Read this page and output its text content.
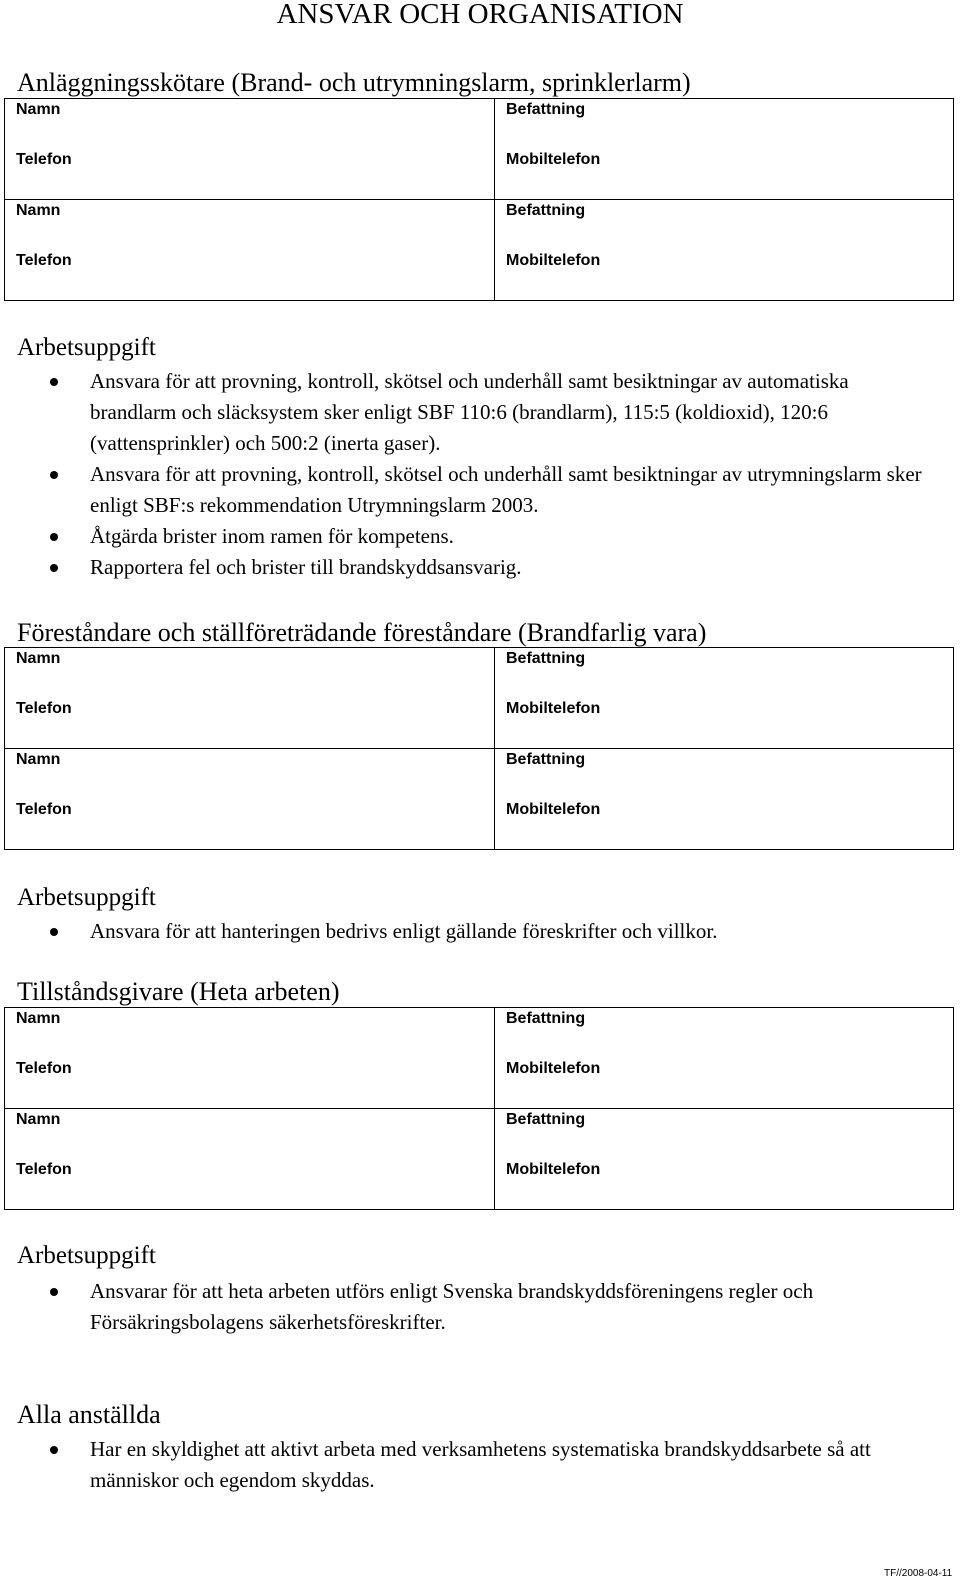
ANSVAR OCH ORGANISATION
Anläggningsskötare (Brand- och utrymningslarm, sprinklerlarm)
Namn	Befattning
Telefon	Mobiltelefon
Namn	Befattning
Telefon	Mobiltelefon
Arbetsuppgift
Ansvara för att provning, kontroll, skötsel och underhåll samt besiktningar av automatiska brandlarm och släcksystem sker enligt SBF 110:6 (brandlarm), 115:5 (koldioxid), 120:6 (vattensprinkler) och 500:2 (inerta gaser).
Ansvara för att provning, kontroll, skötsel och underhåll samt besiktningar av utrymningslarm sker enligt SBF:s rekommendation Utrymningslarm 2003.
Åtgärda brister inom ramen för kompetens.
Rapportera fel och brister till brandskyddsansvarig.
Föreståndare och ställföreträdande föreståndare (Brandfarlig vara)
Namn	Befattning
Telefon	Mobiltelefon
Namn	Befattning
Telefon	Mobiltelefon
Arbetsuppgift
Ansvara för att hanteringen bedrivs enligt gällande föreskrifter och villkor.
Tillståndsgivare (Heta arbeten)
Namn	Befattning
Telefon	Mobiltelefon
Namn	Befattning
Telefon	Mobiltelefon
Arbetsuppgift
Ansvarar för att heta arbeten utförs enligt Svenska brandskyddsföreningens regler och Försäkringsbolagens säkerhetsföreskrifter.
Alla anställda
Har en skyldighet att aktivt arbeta med verksamhetens systematiska brandskyddsarbete så att människor och egendom skyddas.
TF//2008-04-11
